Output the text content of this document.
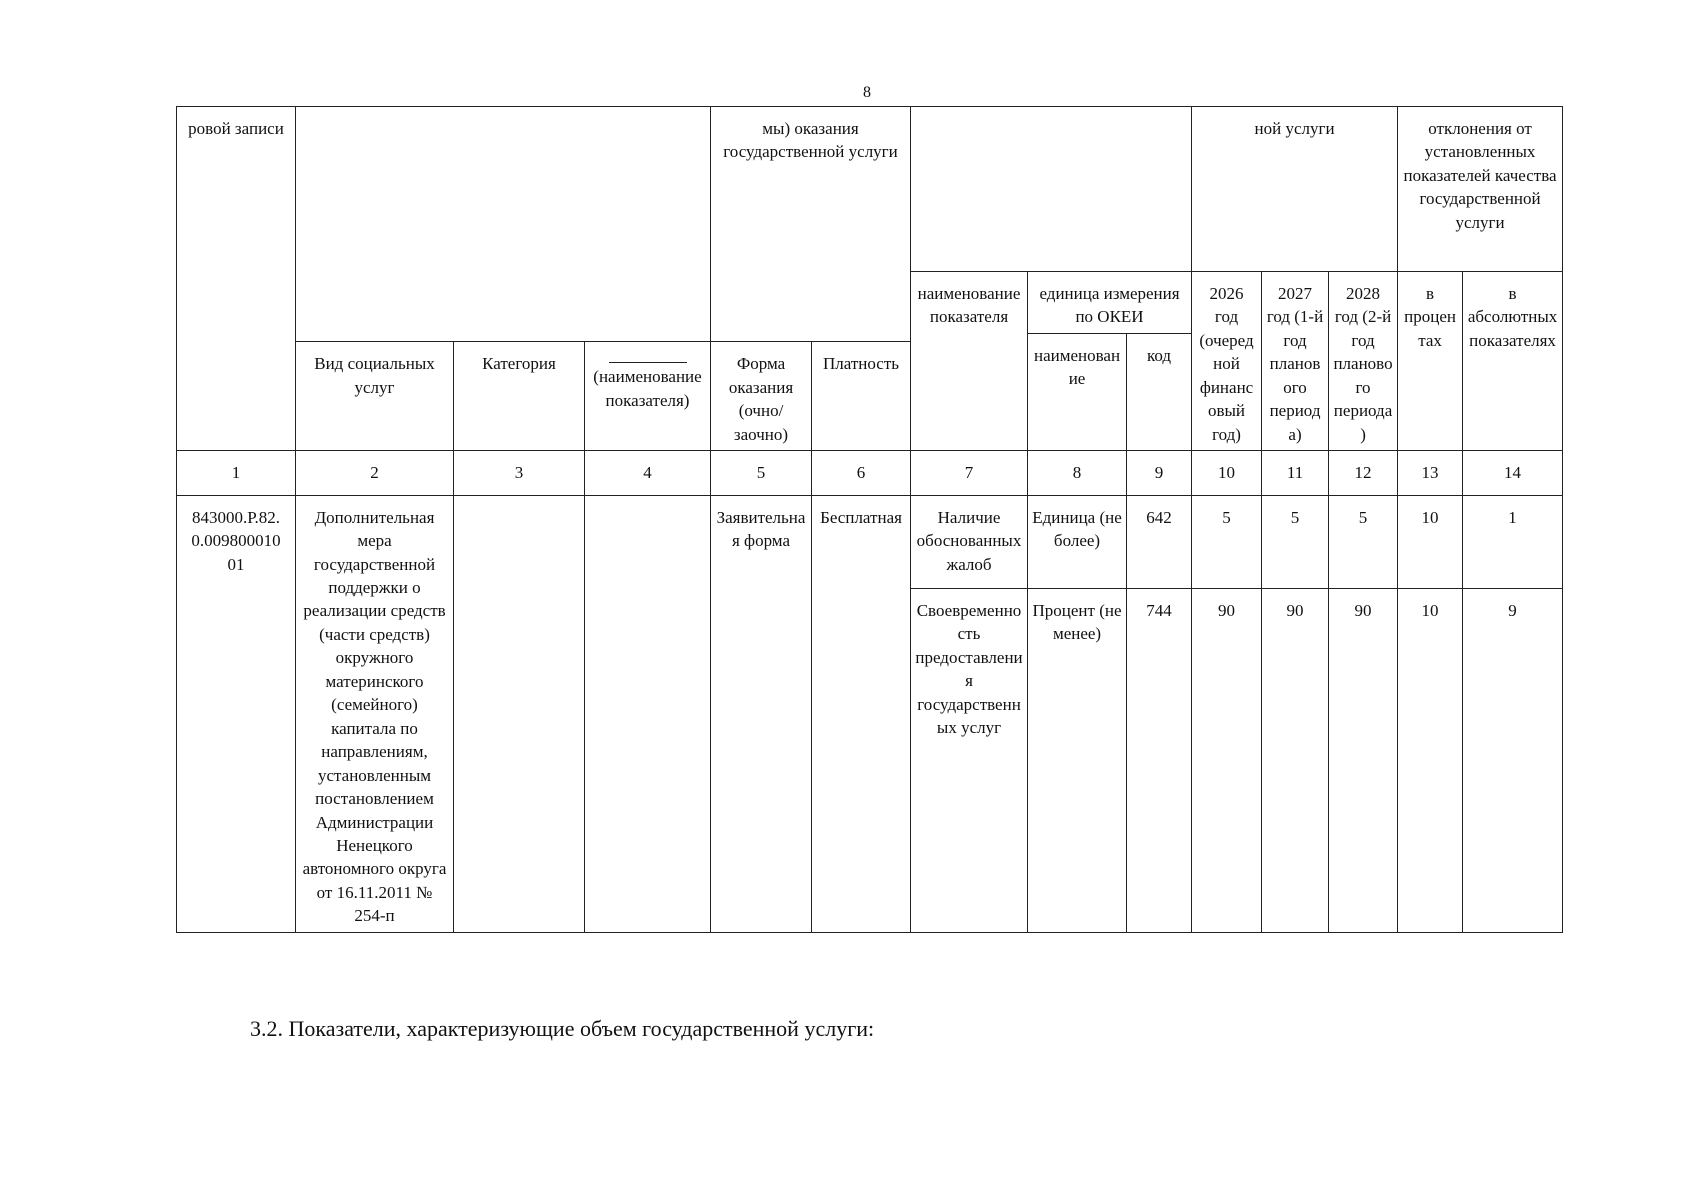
8
ровой записи				мы) оказания государственной услуги					ной услуги			отклонения от установленных показателей качества государственной услуги	
						наименование показателя	единица измерения по ОКЕИ		2026 год (очередной финансовый год)	2027 год (1-й год планового периода)	2028 год (2-й год планового периода)	в процентах	в абсолютных показателях
							наименование	код					
	Вид социальных услуг	Категория	(наименование показателя)	Форма оказания (очно/заочно)	Платность								
1	2	3	4	5	6	7	8	9	10	11	12	13	14
843000.Р.82. 0.009800010 01	Дополнительная мера государственной поддержки о реализации средств (части средств) окружного материнского (семейного) капитала по направлениям, установленным постановлением Администрации Ненецкого автономного округа от 16.11.2011 № 254-п			Заявительная форма	Бесплатная	Наличие обоснованных жалоб	Единица (не более)	642	5	5	5	10	1
						Своевременность предоставления государственных услуг	Процент (не менее)	744	90	90	90	10	9
3.2. Показатели, характеризующие объем государственной услуги:
